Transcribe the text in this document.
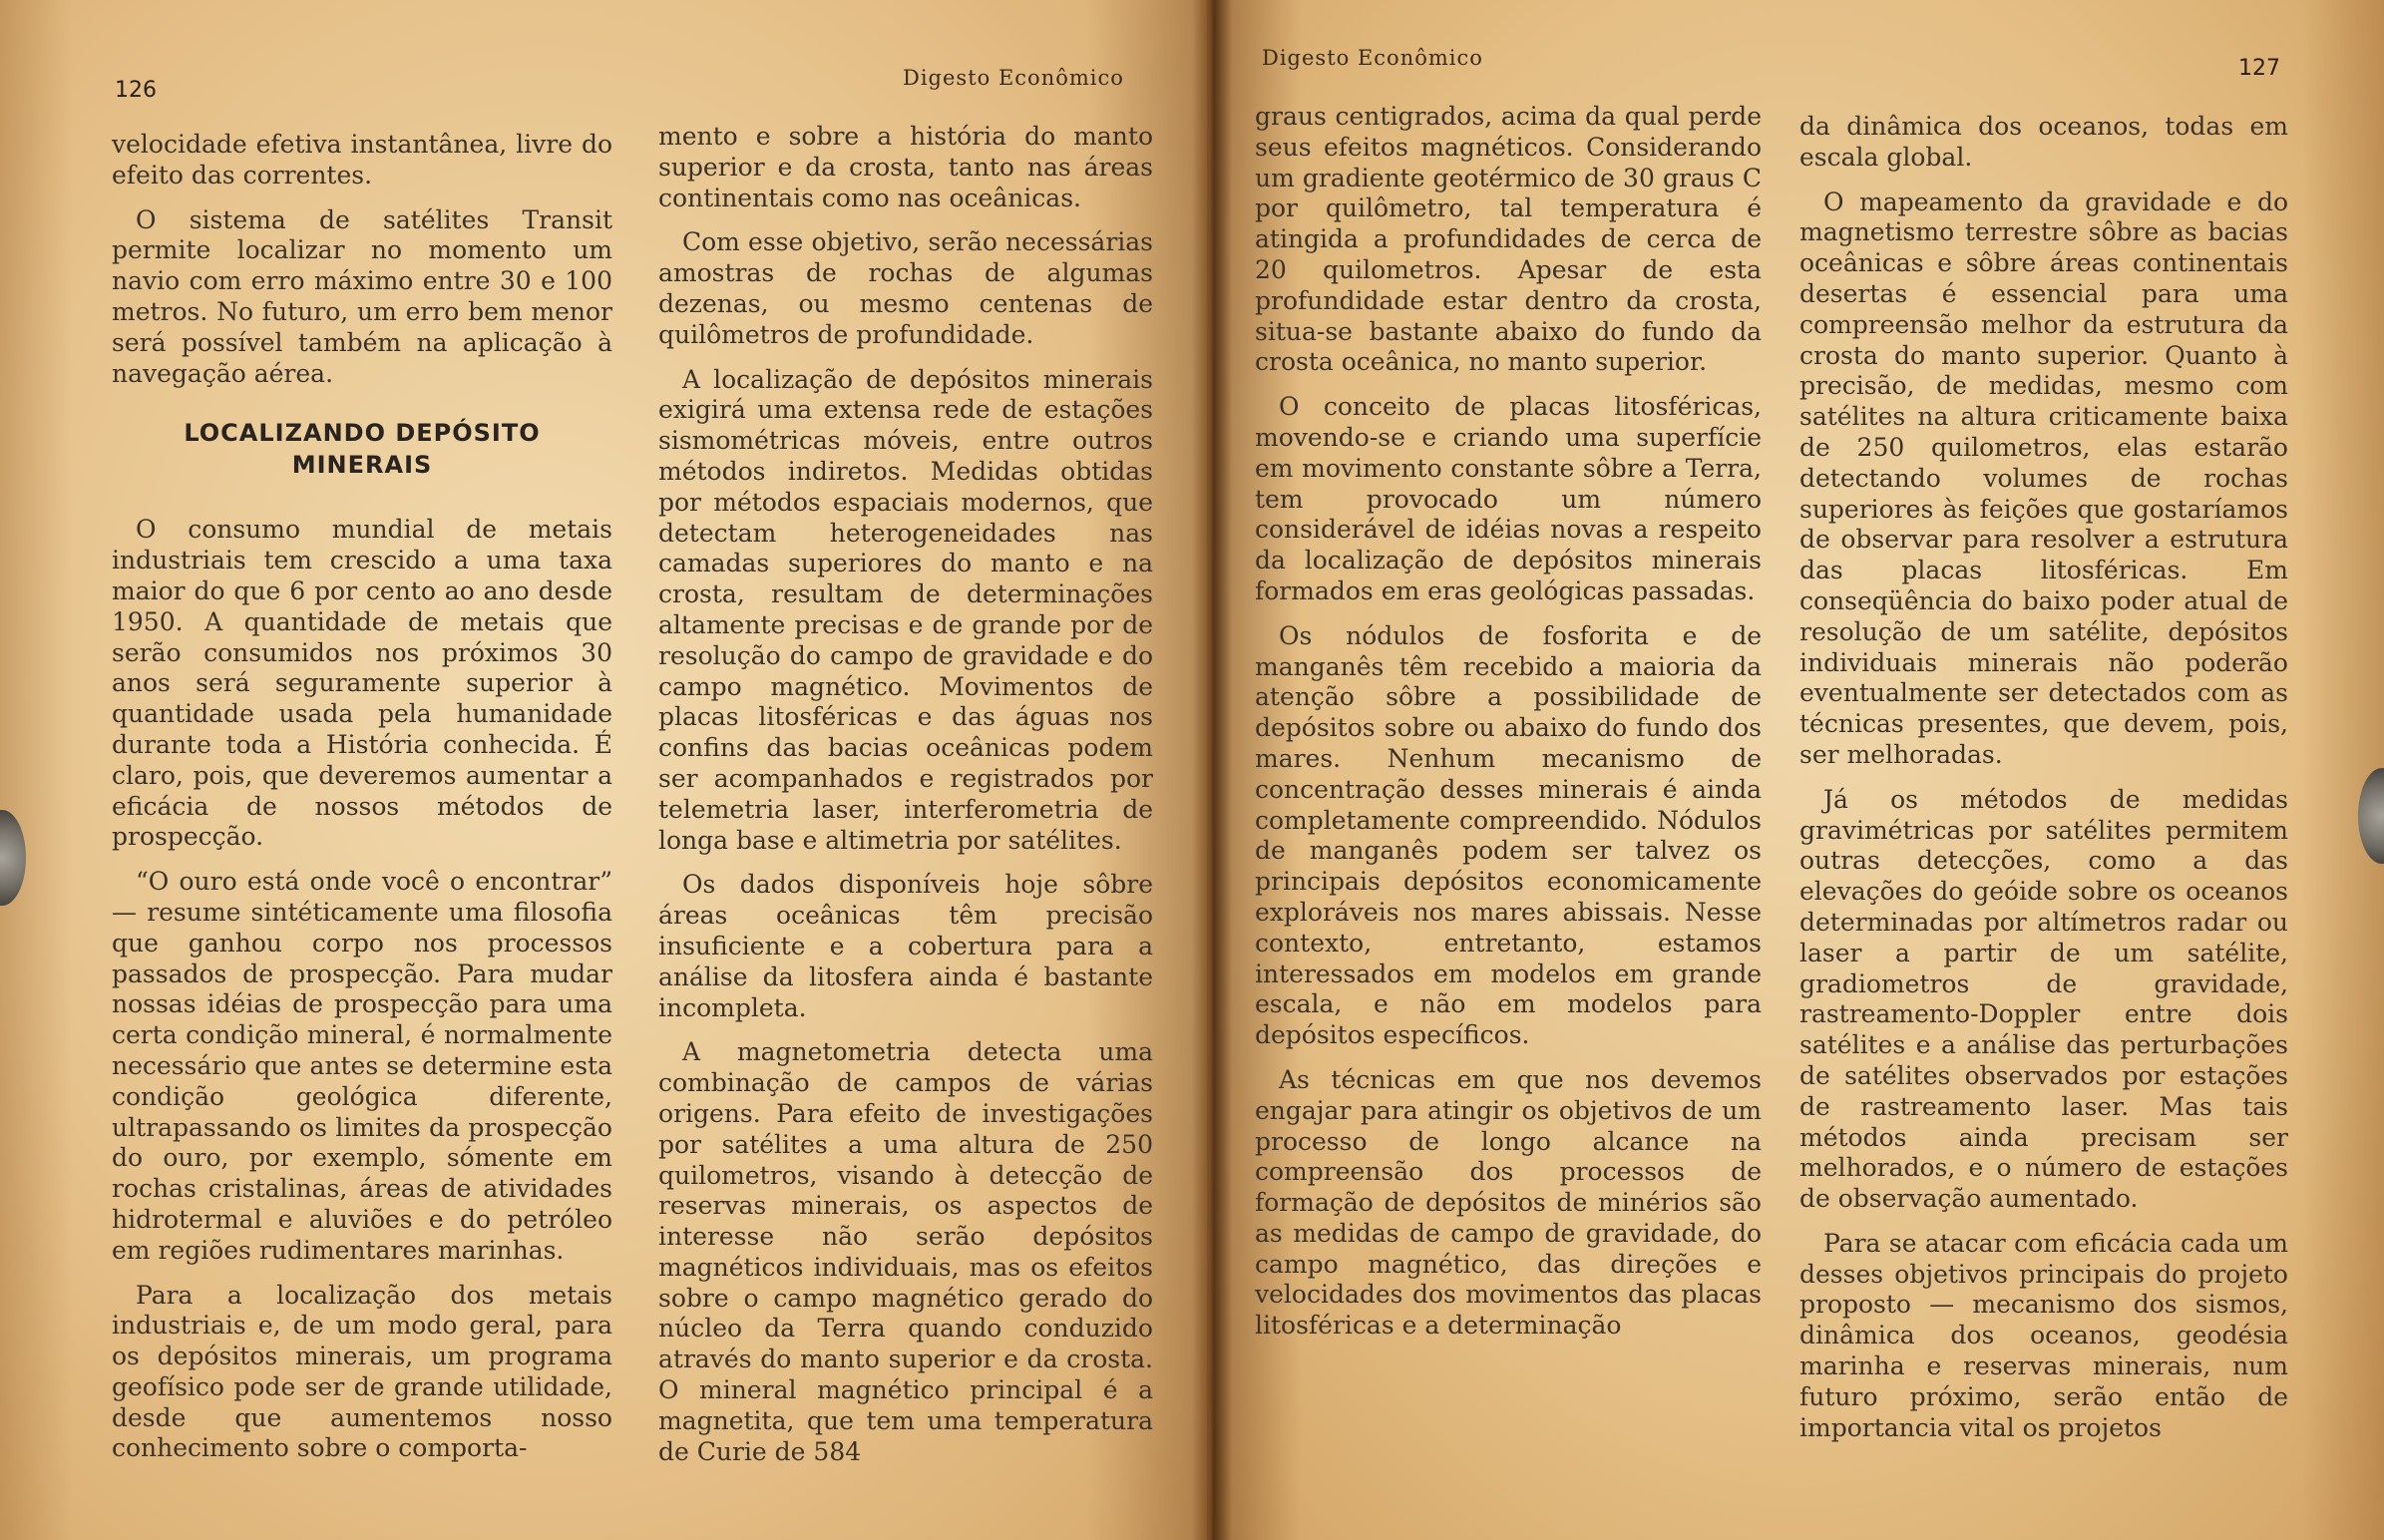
126	Digesto Econômico

velocidade efetiva instantânea, livre do efeito das correntes.

O sistema de satélites Transit permite localizar no momento um navio com erro máximo entre 30 e 100 metros. No futuro, um erro bem menor será possível também na aplicação à navegação aérea.

LOCALIZANDO DEPÓSITO MINERAIS

O consumo mundial de metais industriais tem crescido a uma taxa maior do que 6 por cento ao ano desde 1950. A quantidade de metais que serão consumidos nos próximos 30 anos será seguramente superior à quantidade usada pela humanidade durante toda a História conhecida. É claro, pois, que deveremos aumentar a eficácia de nossos métodos de prospecção.

“O ouro está onde você o encontrar” — resume sintéticamente uma filosofia que ganhou corpo nos processos passados de prospecção. Para mudar nossas idéias de prospecção para uma certa condição mineral, é normalmente necessário que antes se determine esta condição geológica diferente, ultrapassando os limites da prospecção do ouro, por exemplo, sómente em rochas cristalinas, áreas de atividades hidrotermal e aluviões e do petróleo em regiões rudimentares marinhas.

Para a localização dos metais industriais e, de um modo geral, para os depósitos minerais, um programa geofísico pode ser de grande utilidade, desde que aumentemos nosso conhecimento sobre o comporta-

mento e sobre a história do manto superior e da crosta, tanto nas áreas continentais como nas oceânicas.

Com esse objetivo, serão necessárias amostras de rochas de algumas dezenas, ou mesmo centenas de quilômetros de profundidade.

A localização de depósitos minerais exigirá uma extensa rede de estações sismométricas móveis, entre outros métodos indiretos. Medidas obtidas por métodos espaciais modernos, que detectam heterogeneidades nas camadas superiores do manto e na crosta, resultam de determinações altamente precisas e de grande por de resolução do campo de gravidade e do campo magnético. Movimentos de placas litosféricas e das águas nos confins das bacias oceânicas podem ser acompanhados e registrados por telemetria laser, interferometria de longa base e altimetria por satélites.

Os dados disponíveis hoje sôbre áreas oceânicas têm precisão insuficiente e a cobertura para a análise da litosfera ainda é bastante incompleta.

A magnetometria detecta uma combinação de campos de várias origens. Para efeito de investigações por satélites a uma altura de 250 quilometros, visando à detecção de reservas minerais, os aspectos de interesse não serão depósitos magnéticos individuais, mas os efeitos sobre o campo magnético gerado do núcleo da Terra quando conduzido através do manto superior e da crosta. O mineral magnético principal é a magnetita, que tem uma temperatura de Curie de 584

Digesto Econômico	127

graus centigrados, acima da qual perde seus efeitos magnéticos. Considerando um gradiente geotérmico de 30 graus C por quilômetro, tal temperatura é atingida a profundidades de cerca de 20 quilometros. Apesar de esta profundidade estar dentro da crosta, situa-se bastante abaixo do fundo da crosta oceânica, no manto superior.

O conceito de placas litosféricas, movendo-se e criando uma superfície em movimento constante sôbre a Terra, tem provocado um número considerável de idéias novas a respeito da localização de depósitos minerais formados em eras geológicas passadas.

Os nódulos de fosforita e de manganês têm recebido a maioria da atenção sôbre a possibilidade de depósitos sobre ou abaixo do fundo dos mares. Nenhum mecanismo de concentração desses minerais é ainda completamente compreendido. Nódulos de manganês podem ser talvez os principais depósitos economicamente exploráveis nos mares abissais. Nesse contexto, entretanto, estamos interessados em modelos em grande escala, e não em modelos para depósitos específicos.

As técnicas em que nos devemos engajar para atingir os objetivos de um processo de longo alcance na compreensão dos processos de formação de depósitos de minérios são as medidas de campo de gravidade, do campo magnético, das direções e velocidades dos movimentos das placas litosféricas e a determinação

da dinâmica dos oceanos, todas em escala global.

O mapeamento da gravidade e do magnetismo terrestre sôbre as bacias oceânicas e sôbre áreas continentais desertas é essencial para uma compreensão melhor da estrutura da crosta do manto superior. Quanto à precisão, de medidas, mesmo com satélites na altura criticamente baixa de 250 quilometros, elas estarão detectando volumes de rochas superiores às feições que gostaríamos de observar para resolver a estrutura das placas litosféricas. Em conseqüência do baixo poder atual de resolução de um satélite, depósitos individuais minerais não poderão eventualmente ser detectados com as técnicas presentes, que devem, pois, ser melhoradas.

Já os métodos de medidas gravimétricas por satélites permitem outras detecções, como a das elevações do geóide sobre os oceanos determinadas por altímetros radar ou laser a partir de um satélite, gradiometros de gravidade, rastreamento-Doppler entre dois satélites e a análise das perturbações de satélites observados por estações de rastreamento laser. Mas tais métodos ainda precisam ser melhorados, e o número de estações de observação aumentado.

Para se atacar com eficácia cada um desses objetivos principais do projeto proposto — mecanismo dos sismos, dinâmica dos oceanos, geodésia marinha e reservas minerais, num futuro próximo, serão então de importancia vital os projetos
